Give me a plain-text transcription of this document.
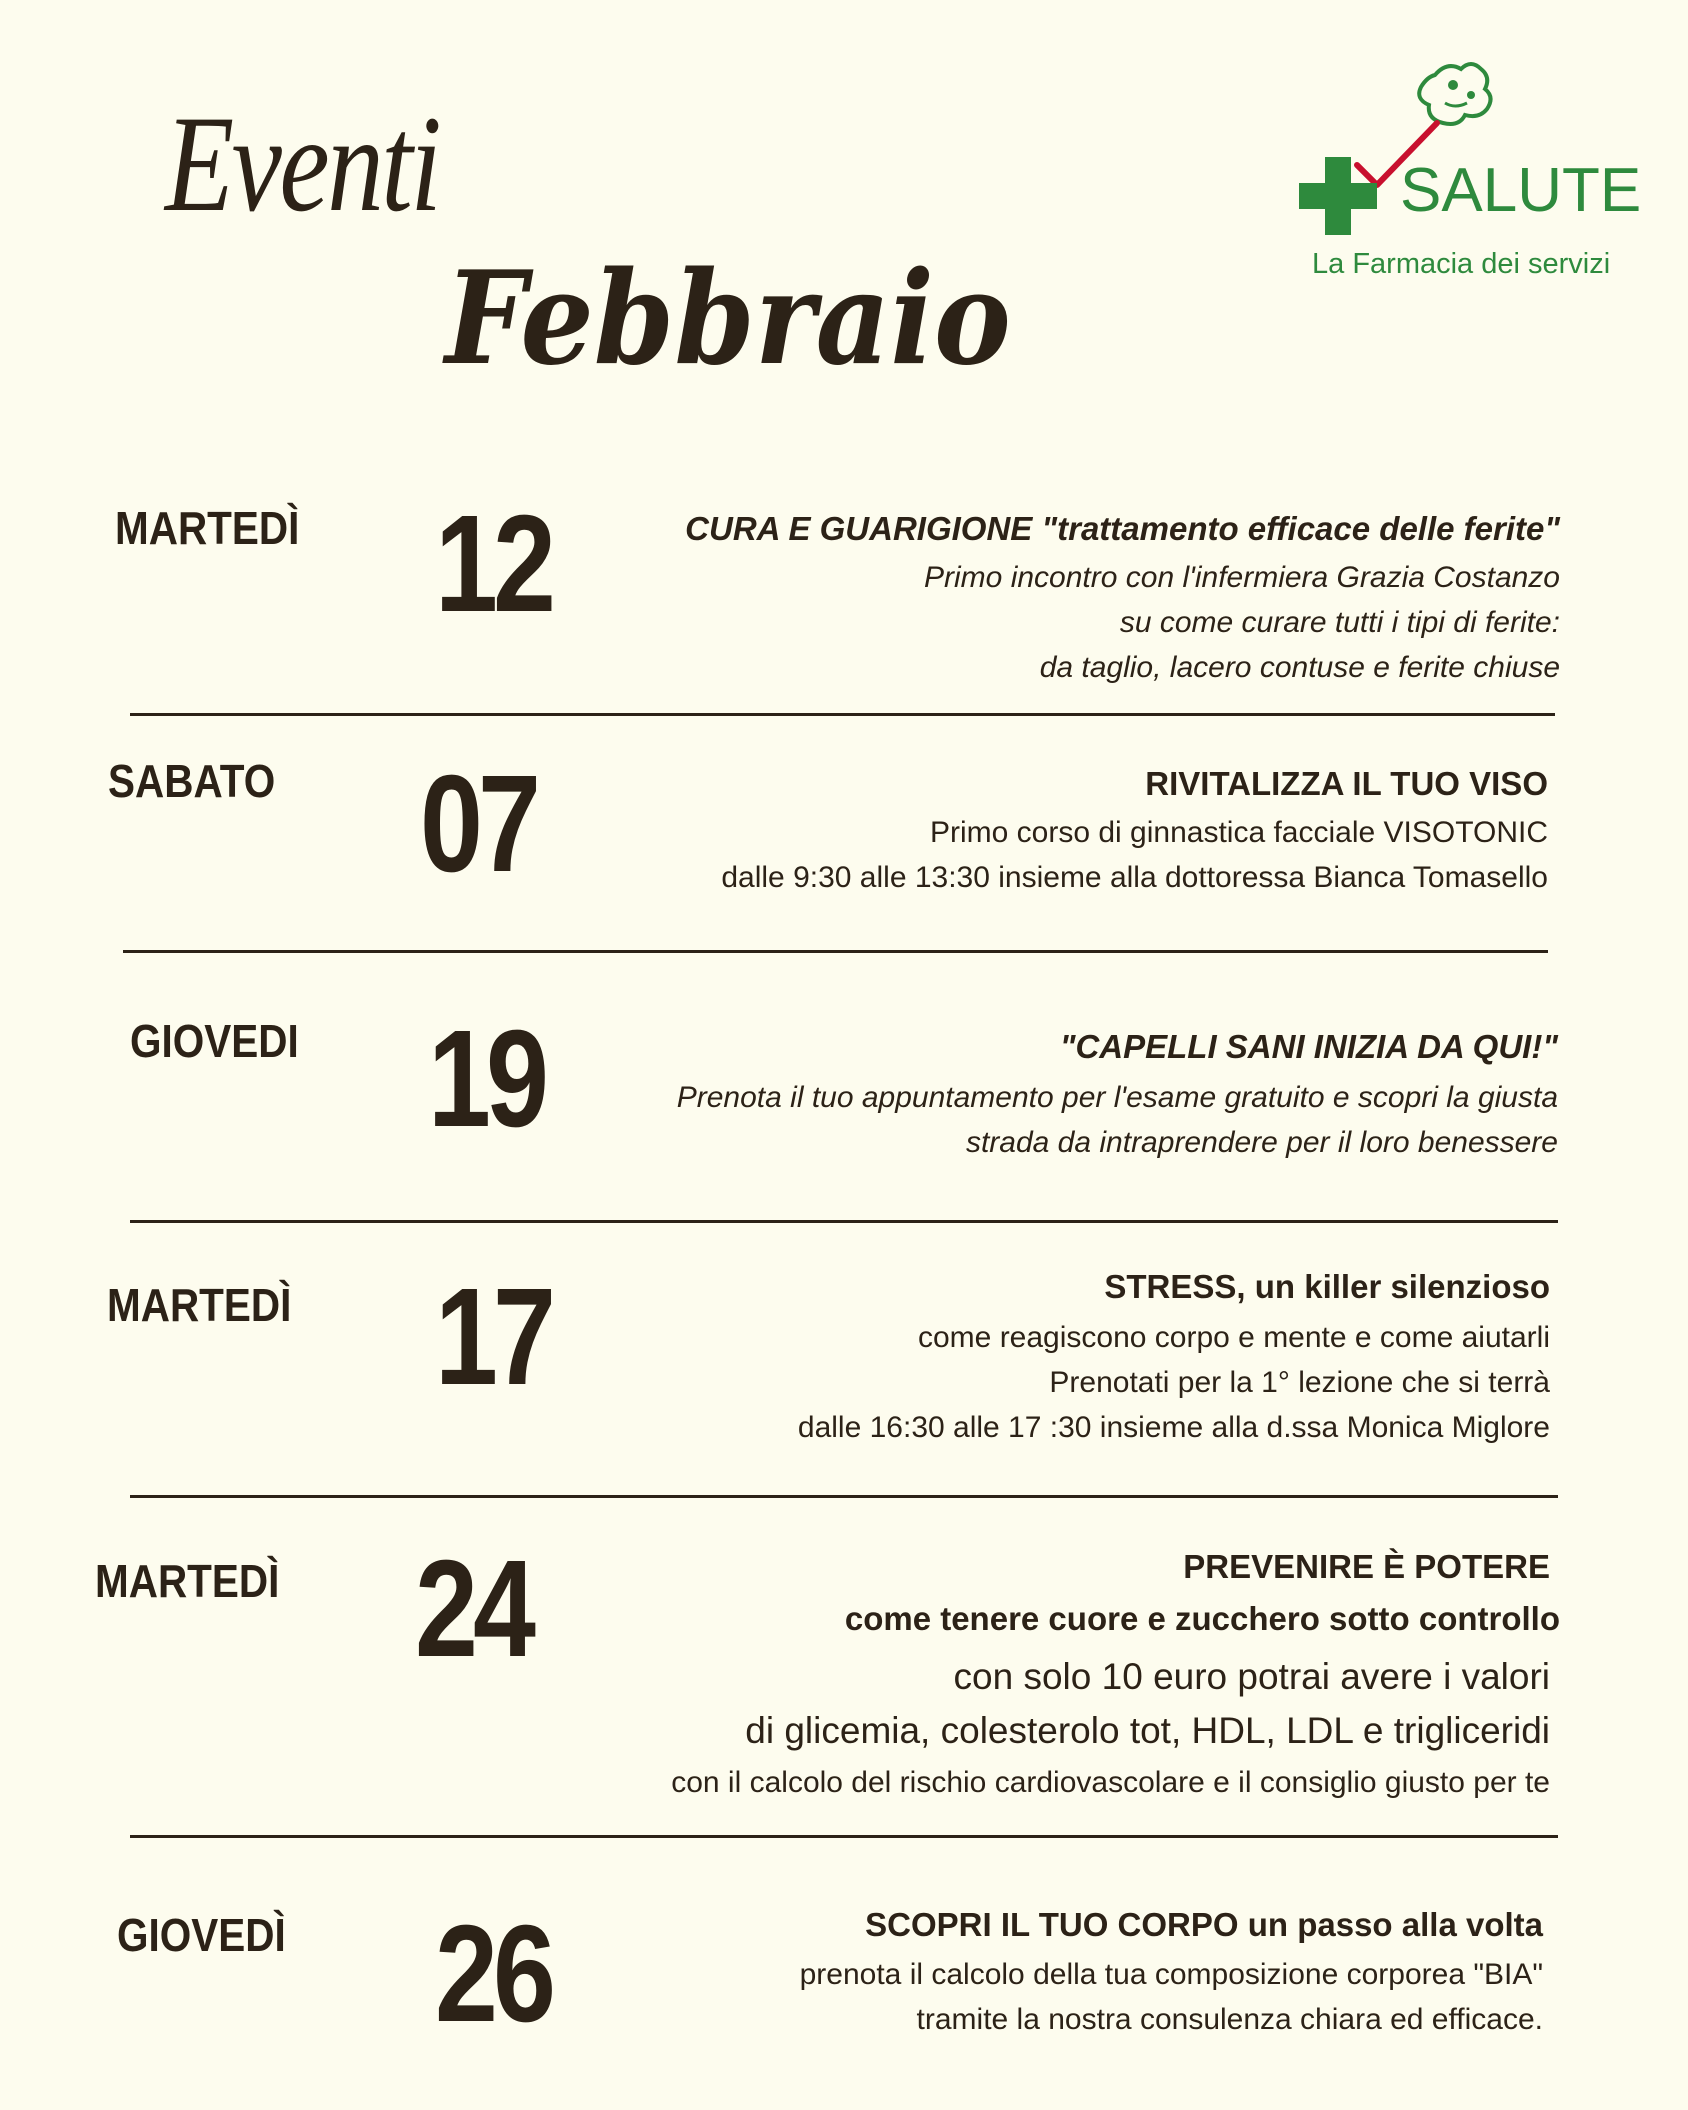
Eventi
Febbraio
SALUTE
La Farmacia dei servizi
MARTEDÌ 12	CURA E GUARIGIONE "trattamento efficace delle ferite"
Primo incontro con l'infermiera Grazia Costanzo
su come curare tutti i tipi di ferite:
da taglio, lacero contuse e ferite chiuse
SABATO 07	RIVITALIZZA IL TUO VISO
Primo corso di ginnastica facciale VISOTONIC
dalle 9:30 alle 13:30 insieme alla dottoressa Bianca Tomasello
GIOVEDI 19	"CAPELLI SANI INIZIA DA QUI!"
Prenota il tuo appuntamento per l'esame gratuito e scopri la giusta
strada da intraprendere per il loro benessere
MARTEDÌ 17	STRESS, un killer silenzioso
come reagiscono corpo e mente e come aiutarli
Prenotati per la 1° lezione che si terrà
dalle 16:30 alle 17 :30 insieme alla d.ssa Monica Miglore
MARTEDÌ 24	PREVENIRE È POTERE
come tenere cuore e zucchero sotto controllo
con solo 10 euro potrai avere i valori
di glicemia, colesterolo tot, HDL, LDL e trigliceridi
con il calcolo del rischio cardiovascolare e il consiglio giusto per te
GIOVEDÌ 26	SCOPRI IL TUO CORPO un passo alla volta
prenota il calcolo della tua composizione corporea "BIA"
tramite la nostra consulenza chiara ed efficace.
